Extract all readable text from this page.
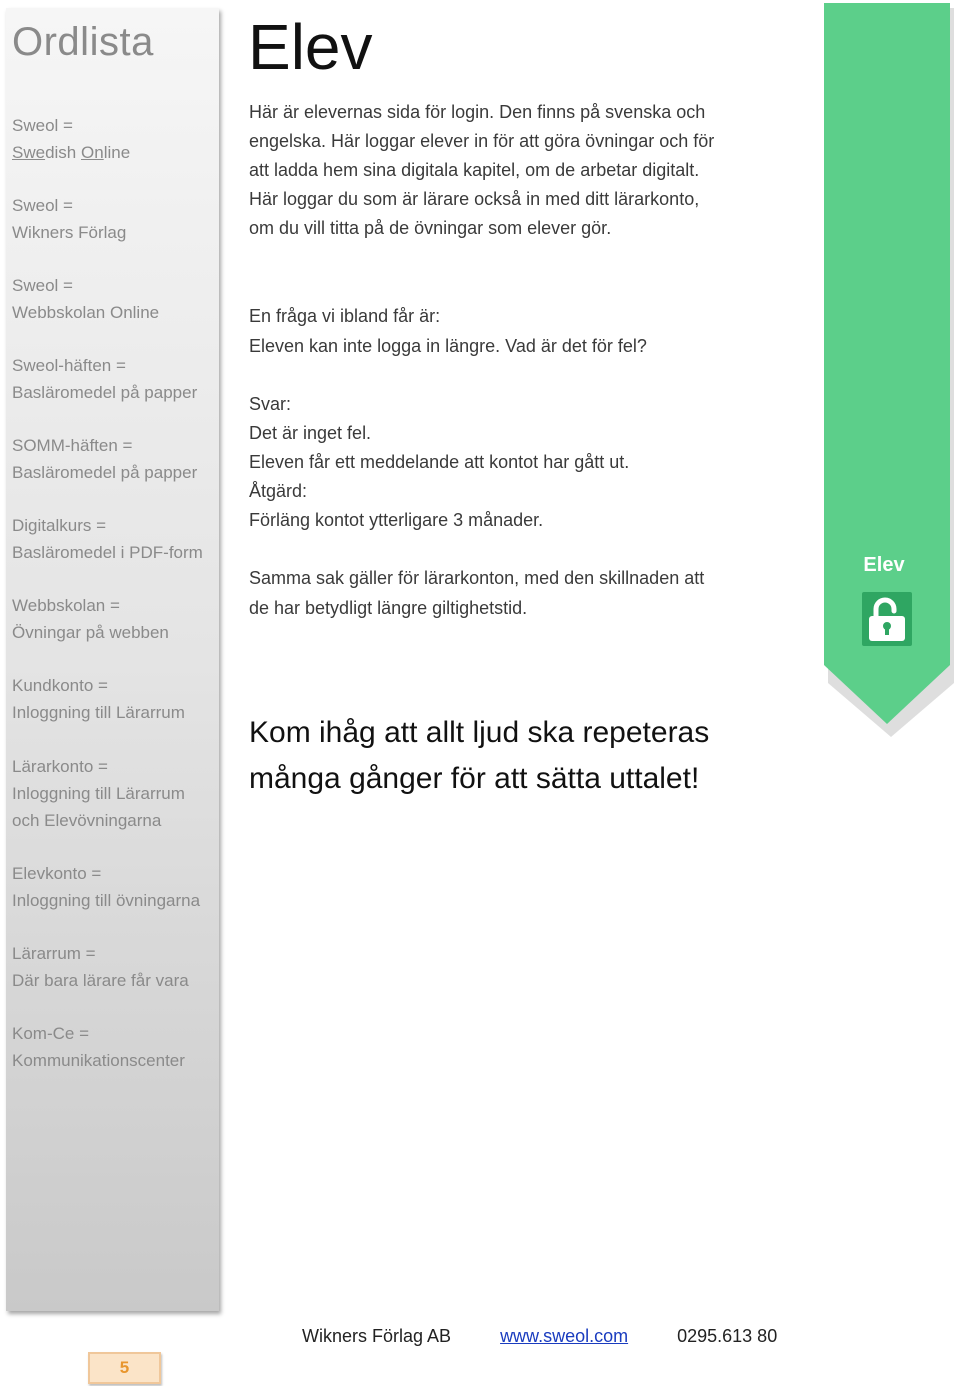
Ordlista
Sweol =
Swedish Online
Sweol =
Wikners Förlag
Sweol =
Webbskolan Online
Sweol-häften =
Basläromedel på papper
SOMM-häften =
Basläromedel på papper
Digitalkurs =
Basläromedel i PDF-form
Webbskolan =
Övningar på webben
Kundkonto =
Inloggning till Lärarrum
Lärarkonto =
Inloggning till Lärarrum
och Elevövningarna
Elevkonto =
Inloggning till övningarna
Lärarrum =
Där bara lärare får vara
Kom-Ce =
Kommunikationscenter
Elev

Här är elevernas sida för login. Den finns på svenska och
engelska. Här loggar elever in för att göra övningar och för
att ladda hem sina digitala kapitel, om de arbetar digitalt.
Här loggar du som är lärare också in med ditt lärarkonto,
om du vill titta på de övningar som elever gör.

En fråga vi ibland får är:
Eleven kan inte logga in längre. Vad är det för fel?

Svar:
Det är inget fel.
Eleven får ett meddelande att kontot har gått ut.
Åtgärd:
Förläng kontot ytterligare 3 månader.

Samma sak gäller för lärarkonton, med den skillnaden att
de har betydligt längre giltighetstid.

Kom ihåg att allt ljud ska repeteras
många gånger för att sätta uttalet!

Elev
Wikners Förlag AB	www.sweol.com	0295.613 80
5
